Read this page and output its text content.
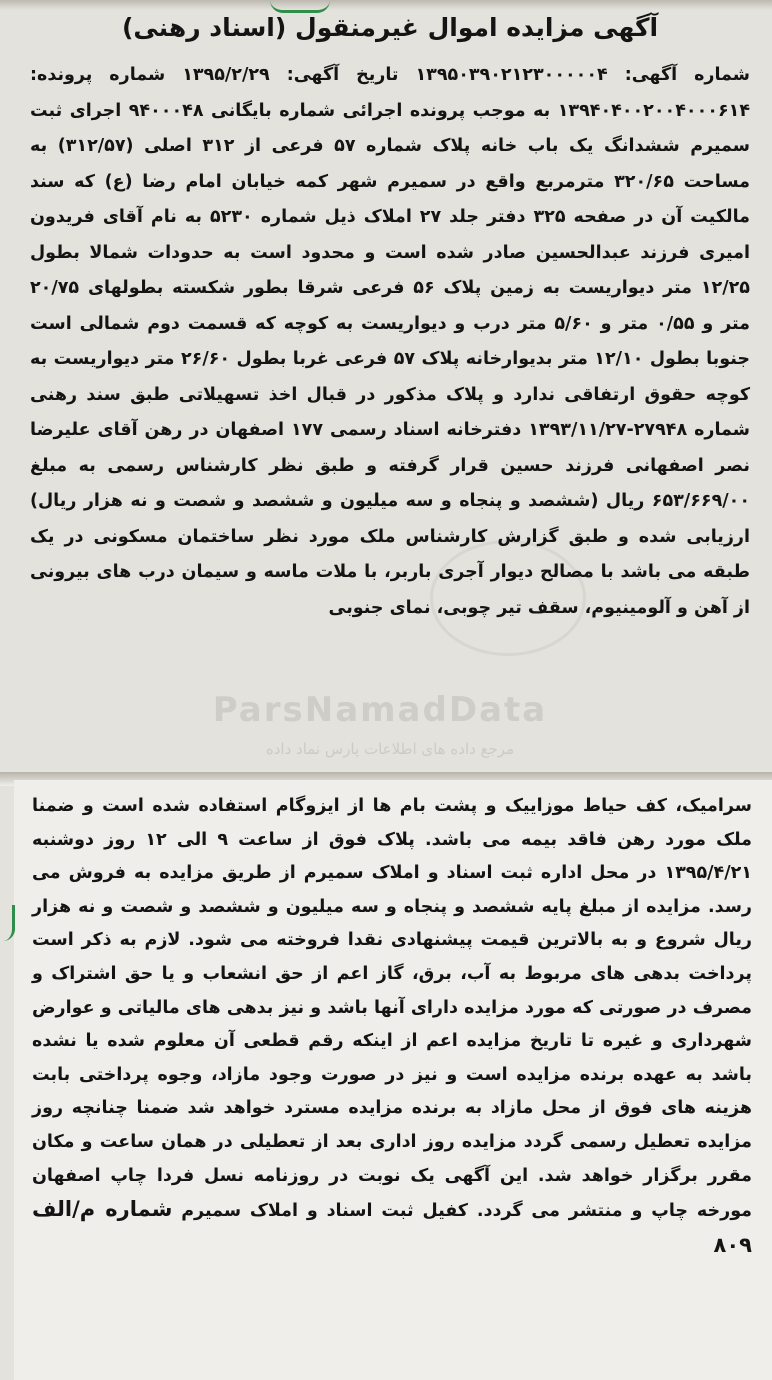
آگهی مزایده اموال غیرمنقول (اسناد رهنی)
شماره آگهی: ۱۳۹۵۰۳۹۰۲۱۲۳۰۰۰۰۰۴ تاریخ آگهی: ۱۳۹۵/۲/۲۹ شماره پرونده: ۱۳۹۴۰۴۰۰۲۰۰۴۰۰۰۶۱۴ به موجب پرونده اجرائی شماره بایگانی ۹۴۰۰۰۴۸ اجرای ثبت سمیرم ششدانگ یک باب خانه پلاک شماره ۵۷ فرعی از ۳۱۲ اصلی (۳۱۲/۵۷) به مساحت ۳۲۰/۶۵ مترمربع واقع در سمیرم شهر کمه خیابان امام رضا (ع) که سند مالکیت آن در صفحه ۳۲۵ دفتر جلد ۲۷ املاک ذیل شماره ۵۲۳۰ به نام آقای فریدون امیری فرزند عبدالحسین صادر شده است و محدود است به حدودات شمالا بطول ۱۲/۲۵ متر دیواریست به زمین پلاک ۵۶ فرعی شرقا بطور شکسته بطولهای ۲۰/۷۵ متر و ۰/۵۵ متر و ۵/۶۰ متر درب و دیواریست به کوچه که قسمت دوم شمالی است جنوبا بطول ۱۲/۱۰ متر بدیوارخانه پلاک ۵۷ فرعی غربا بطول ۲۶/۶۰ متر دیواریست به کوچه حقوق ارتفاقی ندارد و پلاک مذکور در قبال اخذ تسهیلاتی طبق سند رهنی شماره ۲۷۹۴۸-۱۳۹۳/۱۱/۲۷ دفترخانه اسناد رسمی ۱۷۷ اصفهان در رهن آقای علیرضا نصر اصفهانی فرزند حسین قرار گرفته و طبق نظر کارشناس رسمی به مبلغ ۶۵۳/۶۶۹/۰۰ ریال (ششصد و پنجاه و سه میلیون و ششصد و شصت و نه هزار ریال) ارزیابی شده و طبق گزارش کارشناس ملک مورد نظر ساختمان مسکونی در یک طبقه می باشد با مصالح دیوار آجری باربر، با ملات ماسه و سیمان درب های بیرونی از آهن و آلومینیوم، سقف تیر چوبی، نمای جنوبی
ParsNamadData
مرجع داده های اطلاعات پارس نماد داده
سرامیک، کف حیاط موزاییک و پشت بام ها از ایزوگام استفاده شده است و ضمنا ملک مورد رهن فاقد بیمه می باشد. پلاک فوق از ساعت ۹ الی ۱۲ روز دوشنبه ۱۳۹۵/۴/۲۱ در محل اداره ثبت اسناد و املاک سمیرم از طریق مزایده به فروش می رسد. مزایده از مبلغ پایه ششصد و پنجاه و سه میلیون و ششصد و شصت و نه هزار ریال شروع و به بالاترین قیمت پیشنهادی نقدا فروخته می شود. لازم به ذکر است پرداخت بدهی های مربوط به آب، برق، گاز اعم از حق انشعاب و یا حق اشتراک و مصرف در صورتی که مورد مزایده دارای آنها باشد و نیز بدهی های مالیاتی و عوارض شهرداری و غیره تا تاریخ مزایده اعم از اینکه رقم قطعی آن معلوم شده یا نشده باشد به عهده برنده مزایده است و نیز در صورت وجود مازاد، وجوه پرداختی بابت هزینه های فوق از محل مازاد به برنده مزایده مسترد خواهد شد ضمنا چنانچه روز مزایده تعطیل رسمی گردد مزایده روز اداری بعد از تعطیلی در همان ساعت و مکان مقرر برگزار خواهد شد. این آگهی یک نوبت در روزنامه نسل فردا چاپ اصفهان مورخه چاپ و منتشر می گردد. کفیل ثبت اسناد و املاک سمیرم شماره م/الف ۸۰۹
